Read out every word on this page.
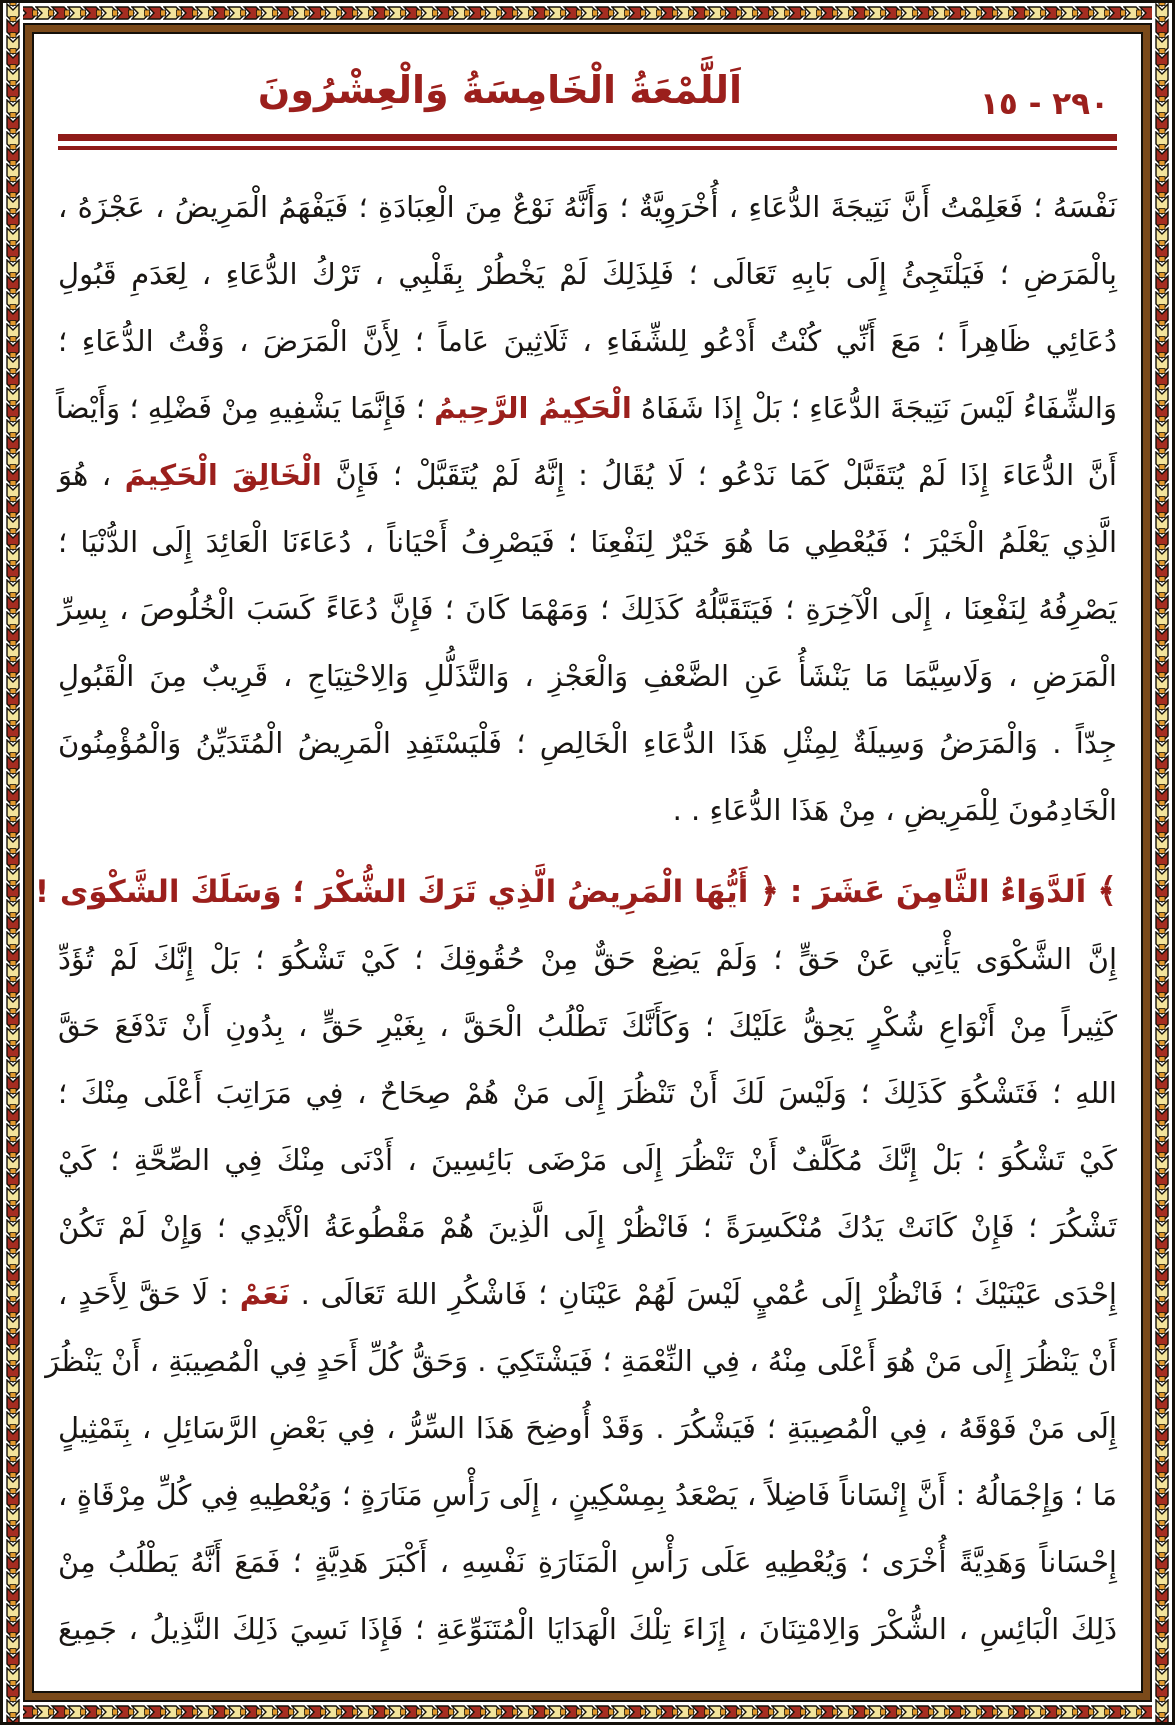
اَللَّمْعَةُ الْخَامِسَةُ وَالْعِشْرُونَ	٢٩٠ - ١٥
نَفْسَهُ ؛ فَعَلِمْتُ أَنَّ نَتِيجَةَ الدُّعَاءِ ، أُخْرَوِيَّةٌ ؛ وَأَنَّهُ نَوْعٌ مِنَ الْعِبَادَةِ ؛ فَيَفْهَمُ الْمَرِيضُ ، عَجْزَهُ ،
بِالْمَرَضِ ؛ فَيَلْتَجِئُ إِلَى بَابِهِ تَعَالَى ؛ فَلِذَلِكَ لَمْ يَخْطُرْ بِقَلْبِي ، تَرْكُ الدُّعَاءِ ، لِعَدَمِ قَبُولِ
دُعَائِي ظَاهِراً ؛ مَعَ أَنِّي كُنْتُ أَدْعُو لِلشِّفَاءِ ، ثَلَاثِينَ عَاماً ؛ لِأَنَّ الْمَرَضَ ، وَقْتُ الدُّعَاءِ ؛
وَالشِّفَاءُ لَيْسَ نَتِيجَةَ الدُّعَاءِ ؛ بَلْ إِذَا شَفَاهُ الْحَكِيمُ الرَّحِيمُ ؛ فَإِنَّمَا يَشْفِيهِ مِنْ فَضْلِهِ ؛ وَأَيْضاً
أَنَّ الدُّعَاءَ إِذَا لَمْ يُتَقَبَّلْ كَمَا نَدْعُو ؛ لَا يُقَالُ : إِنَّهُ لَمْ يُتَقَبَّلْ ؛ فَإِنَّ الْخَالِقَ الْحَكِيمَ ، هُوَ
الَّذِي يَعْلَمُ الْخَيْرَ ؛ فَيُعْطِي مَا هُوَ خَيْرٌ لِنَفْعِنَا ؛ فَيَصْرِفُ أَحْيَاناً ، دُعَاءَنَا الْعَائِدَ إِلَى الدُّنْيَا ؛
يَصْرِفُهُ لِنَفْعِنَا ، إِلَى الْآخِرَةِ ؛ فَيَتَقَبَّلُهُ كَذَلِكَ ؛ وَمَهْمَا كَانَ ؛ فَإِنَّ دُعَاءً كَسَبَ الْخُلُوصَ ، بِسِرِّ
الْمَرَضِ ، وَلَاسِيَّمَا مَا يَنْشَأُ عَنِ الضَّعْفِ وَالْعَجْزِ ، وَالتَّذَلُّلِ وَالِاحْتِيَاجِ ، قَرِيبٌ مِنَ الْقَبُولِ
جِدّاً . وَالْمَرَضُ وَسِيلَةٌ لِمِثْلِ هَذَا الدُّعَاءِ الْخَالِصِ ؛ فَلْيَسْتَفِدِ الْمَرِيضُ الْمُتَدَيِّنُ وَالْمُؤْمِنُونَ
الْخَادِمُونَ لِلْمَرِيضِ ، مِنْ هَذَا الدُّعَاءِ . .
﴾ اَلدَّوَاءُ الثَّامِنَ عَشَرَ : ﴿ أَيُّهَا الْمَرِيضُ الَّذِي تَرَكَ الشُّكْرَ ؛ وَسَلَكَ الشَّكْوَى !
إِنَّ الشَّكْوَى يَأْتِي عَنْ حَقٍّ ؛ وَلَمْ يَضِعْ حَقٌّ مِنْ حُقُوقِكَ ؛ كَيْ تَشْكُوَ ؛ بَلْ إِنَّكَ لَمْ تُؤَدِّ
كَثِيراً مِنْ أَنْوَاعِ شُكْرٍ يَحِقُّ عَلَيْكَ ؛ وَكَأَنَّكَ تَطْلُبُ الْحَقَّ ، بِغَيْرِ حَقٍّ ، بِدُونِ أَنْ تَدْفَعَ حَقَّ
اللهِ ؛ فَتَشْكُوَ كَذَلِكَ ؛ وَلَيْسَ لَكَ أَنْ تَنْظُرَ إِلَى مَنْ هُمْ صِحَاحٌ ، فِي مَرَاتِبَ أَعْلَى مِنْكَ ؛
كَيْ تَشْكُوَ ؛ بَلْ إِنَّكَ مُكَلَّفٌ أَنْ تَنْظُرَ إِلَى مَرْضَى بَائِسِينَ ، أَدْنَى مِنْكَ فِي الصِّحَّةِ ؛ كَيْ
تَشْكُرَ ؛ فَإِنْ كَانَتْ يَدُكَ مُنْكَسِرَةً ؛ فَانْظُرْ إِلَى الَّذِينَ هُمْ مَقْطُوعَةُ الْأَيْدِي ؛ وَإِنْ لَمْ تَكُنْ
إِحْدَى عَيْنَيْكَ ؛ فَانْظُرْ إِلَى عُمْيٍ لَيْسَ لَهُمْ عَيْنَانِ ؛ فَاشْكُرِ اللهَ تَعَالَى . نَعَمْ : لَا حَقَّ لِأَحَدٍ ،
أَنْ يَنْظُرَ إِلَى مَنْ هُوَ أَعْلَى مِنْهُ ، فِي النِّعْمَةِ ؛ فَيَشْتَكِيَ . وَحَقُّ كُلِّ أَحَدٍ فِي الْمُصِيبَةِ ، أَنْ يَنْظُرَ
إِلَى مَنْ فَوْقَهُ ، فِي الْمُصِيبَةِ ؛ فَيَشْكُرَ . وَقَدْ أُوضِحَ هَذَا السِّرُّ ، فِي بَعْضِ الرَّسَائِلِ ، بِتَمْثِيلٍ
مَا ؛ وَإِجْمَالُهُ : أَنَّ إِنْسَاناً فَاضِلاً ، يَصْعَدُ بِمِسْكِينٍ ، إِلَى رَأْسِ مَنَارَةٍ ؛ وَيُعْطِيهِ فِي كُلِّ مِرْقَاةٍ ،
إِحْسَاناً وَهَدِيَّةً أُخْرَى ؛ وَيُعْطِيهِ عَلَى رَأْسِ الْمَنَارَةِ نَفْسِهِ ، أَكْبَرَ هَدِيَّةٍ ؛ فَمَعَ أَنَّهُ يَطْلُبُ مِنْ
ذَلِكَ الْبَائِسِ ، الشُّكْرَ وَالِامْتِنَانَ ، إِزَاءَ تِلْكَ الْهَدَايَا الْمُتَنَوِّعَةِ ؛ فَإِذَا نَسِيَ ذَلِكَ النَّذِيلُ ، جَمِيعَ
